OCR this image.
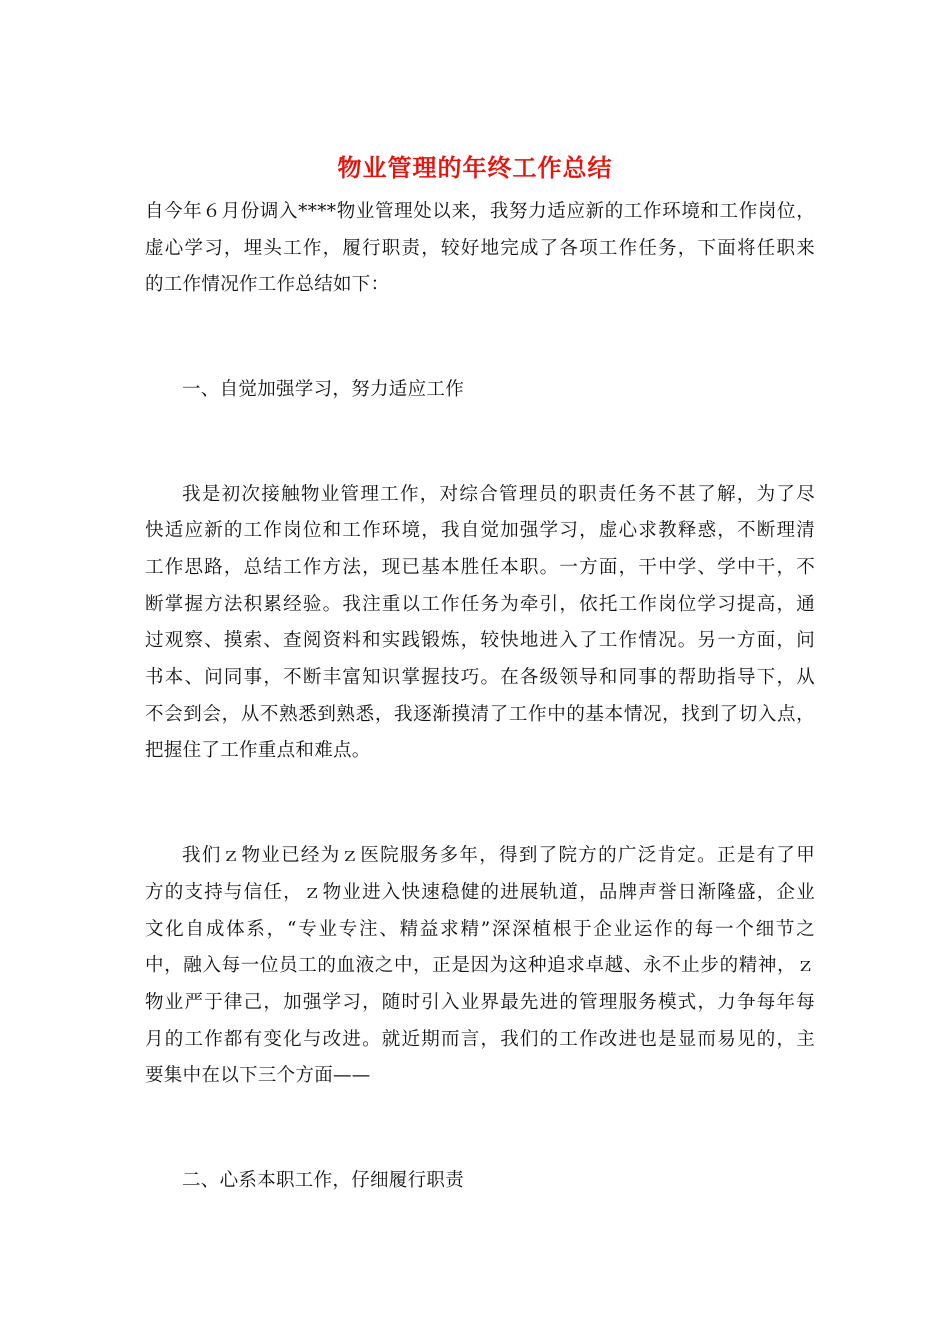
物业管理的年终工作总结
自今年６月份调入****物业管理处以来，我努力适应新的工作环境和工作岗位，
虚心学习，埋头工作，履行职责，较好地完成了各项工作任务，下面将任职来
的工作情况作工作总结如下：
一、自觉加强学习，努力适应工作
我是初次接触物业管理工作，对综合管理员的职责任务不甚了解，为了尽
快适应新的工作岗位和工作环境，我自觉加强学习，虚心求教释惑，不断理清
工作思路，总结工作方法，现已基本胜任本职。一方面，干中学、学中干，不
断掌握方法积累经验。我注重以工作任务为牵引，依托工作岗位学习提高，通
过观察、摸索、查阅资料和实践锻炼，较快地进入了工作情况。另一方面，问
书本、问同事，不断丰富知识掌握技巧。在各级领导和同事的帮助指导下，从
不会到会，从不熟悉到熟悉，我逐渐摸清了工作中的基本情况，找到了切入点，
把握住了工作重点和难点。
我们ｚ物业已经为ｚ医院服务多年，得到了院方的广泛肯定。正是有了甲
方的支持与信任，ｚ物业进入快速稳健的进展轨道，品牌声誉日渐隆盛，企业
文化自成体系，“专业专注、精益求精”深深植根于企业运作的每一个细节之
中，融入每一位员工的血液之中，正是因为这种追求卓越、永不止步的精神，ｚ
物业严于律己，加强学习，随时引入业界最先进的管理服务模式，力争每年每
月的工作都有变化与改进。就近期而言，我们的工作改进也是显而易见的，主
要集中在以下三个方面——
二、心系本职工作，仔细履行职责
